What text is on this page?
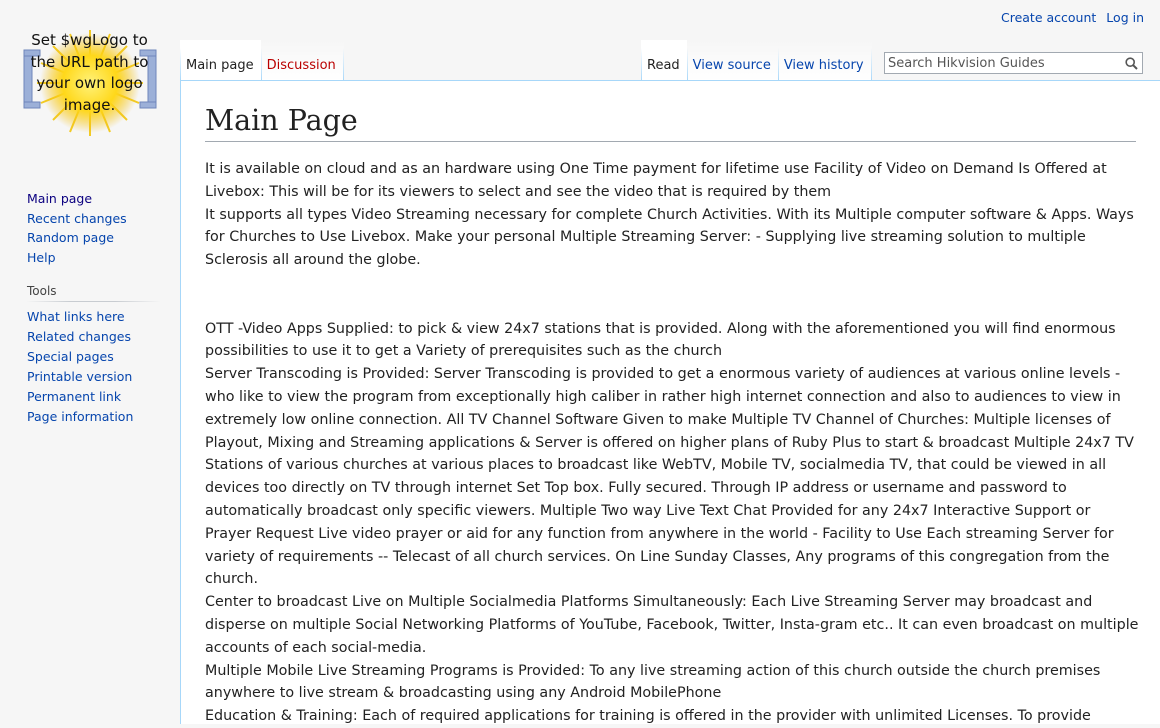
Set $wgLogo to the URL path to your own logo image.
Create account Log in
Main page	Discussion	Read	View source	View history
Search Hikvision Guides
Main page
Recent changes
Random page
Help
Tools
What links here
Related changes
Special pages
Printable version
Permanent link
Page information
Main Page

It is available on cloud and as an hardware using One Time payment for lifetime use Facility of Video on Demand Is Offered at Livebox: This will be for its viewers to select and see the video that is required by them

It supports all types Video Streaming necessary for complete Church Activities. With its Multiple computer software & Apps. Ways for Churches to Use Livebox. Make your personal Multiple Streaming Server: - Supplying live streaming solution to multiple Sclerosis all around the globe.

OTT -Video Apps Supplied: to pick & view 24x7 stations that is provided. Along with the aforementioned you will find enormous possibilities to use it to get a Variety of prerequisites such as the church

Server Transcoding is Provided: Server Transcoding is provided to get a enormous variety of audiences at various online levels -who like to view the program from exceptionally high caliber in rather high internet connection and also to audiences to view in extremely low online connection. All TV Channel Software Given to make Multiple TV Channel of Churches: Multiple licenses of Playout, Mixing and Streaming applications & Server is offered on higher plans of Ruby Plus to start & broadcast Multiple 24x7 TV Stations of various churches at various places to broadcast like WebTV, Mobile TV, socialmedia TV, that could be viewed in all devices too directly on TV through internet Set Top box. Fully secured. Through IP address or username and password to automatically broadcast only specific viewers. Multiple Two way Live Text Chat Provided for any 24x7 Interactive Support or Prayer Request Live video prayer or aid for any function from anywhere in the world - Facility to Use Each streaming Server for variety of requirements -- Telecast of all church services. On Line Sunday Classes, Any programs of this congregation from the church.

Center to broadcast Live on Multiple Socialmedia Platforms Simultaneously: Each Live Streaming Server may broadcast and disperse on multiple Social Networking Platforms of YouTube, Facebook, Twitter, Insta-gram etc.. It can even broadcast on multiple accounts of each social-media.

Multiple Mobile Live Streaming Programs is Provided: To any live streaming action of this church outside the church premises anywhere to live stream & broadcasting using any Android MobilePhone

Education & Training: Each of required applications for training is offered in the provider with unlimited Licenses. To provide
